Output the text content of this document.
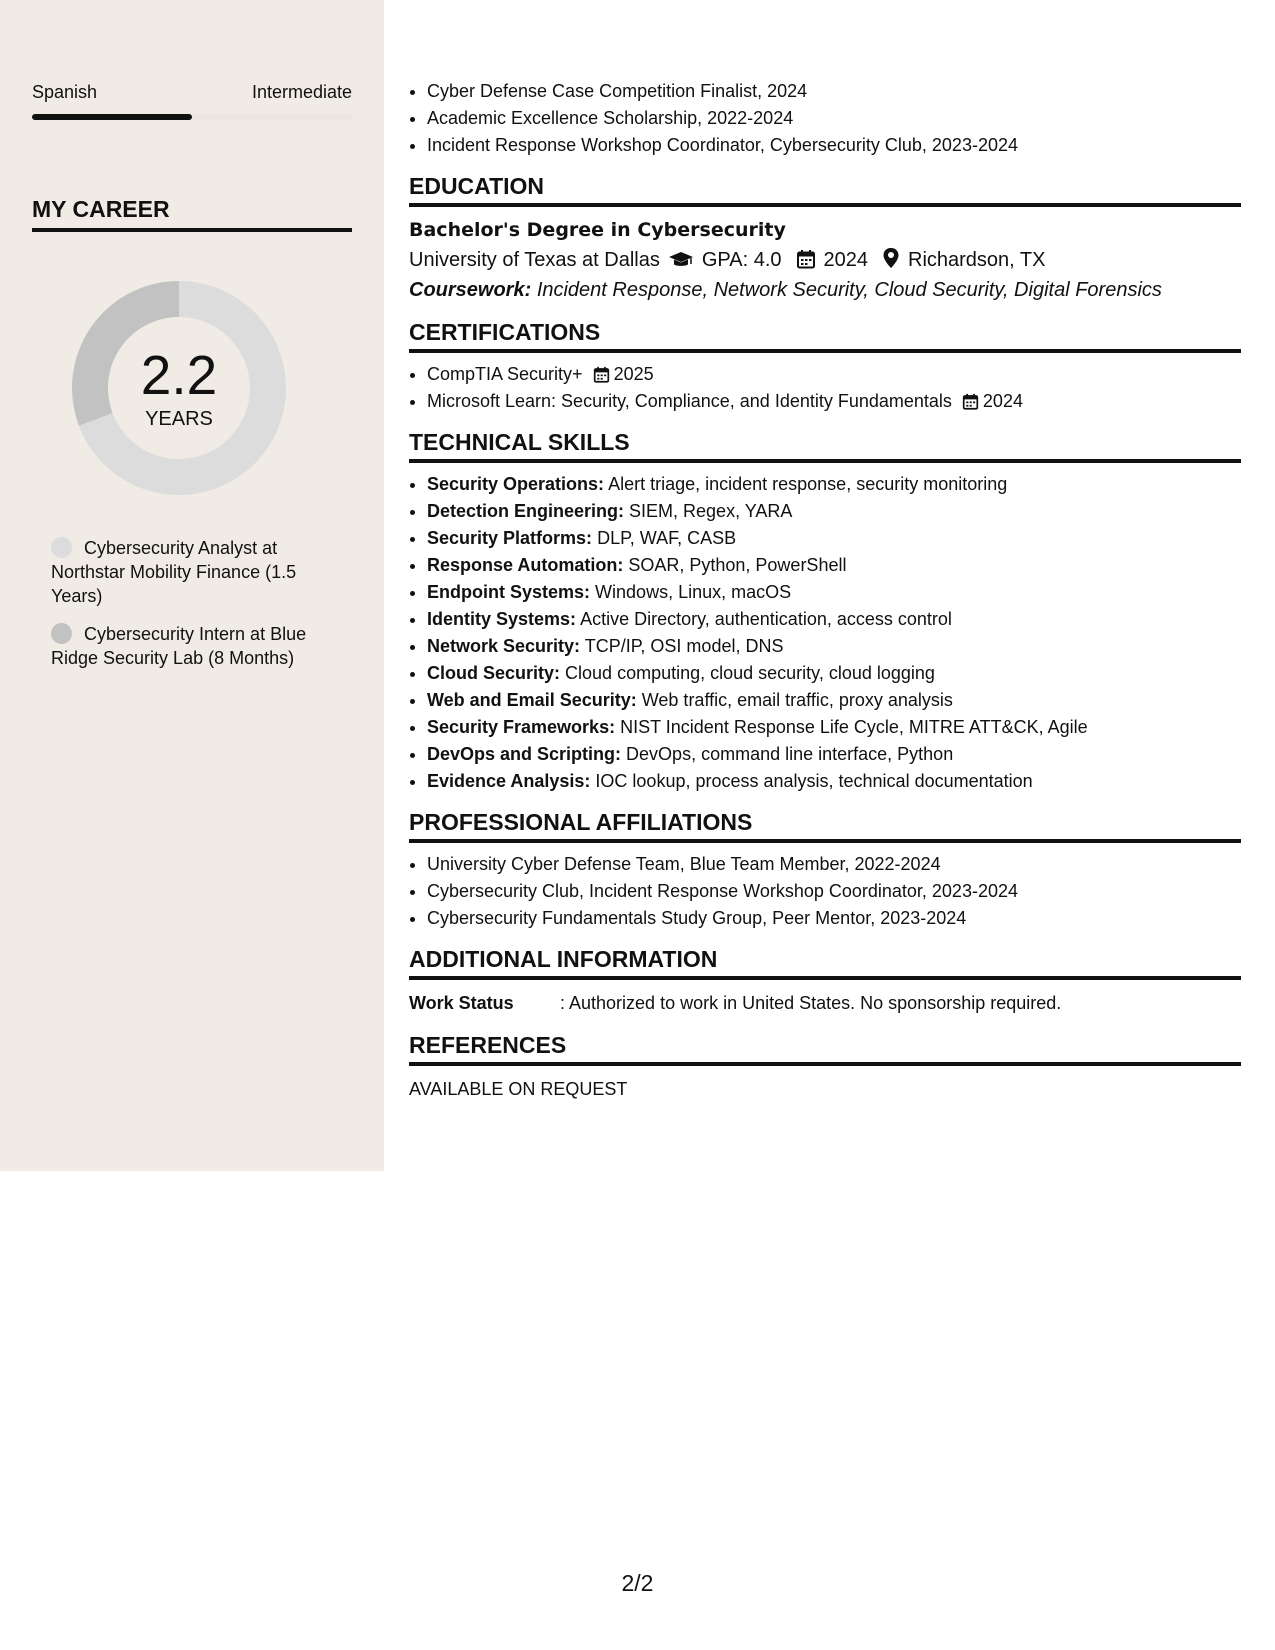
Spanish	Intermediate
MY CAREER
2.2
YEARS
Cybersecurity Analyst at Northstar Mobility Finance (1.5 Years)
Cybersecurity Intern at Blue Ridge Security Lab (8 Months)
• Cyber Defense Case Competition Finalist, 2024
• Academic Excellence Scholarship, 2022-2024
• Incident Response Workshop Coordinator, Cybersecurity Club, 2023-2024
EDUCATION
Bachelor's Degree in Cybersecurity
University of Texas at Dallas GPA: 4.0 2024 Richardson, TX
Coursework: Incident Response, Network Security, Cloud Security, Digital Forensics
CERTIFICATIONS
• CompTIA Security+ 2025
• Microsoft Learn: Security, Compliance, and Identity Fundamentals 2024
TECHNICAL SKILLS
• Security Operations: Alert triage, incident response, security monitoring
• Detection Engineering: SIEM, Regex, YARA
• Security Platforms: DLP, WAF, CASB
• Response Automation: SOAR, Python, PowerShell
• Endpoint Systems: Windows, Linux, macOS
• Identity Systems: Active Directory, authentication, access control
• Network Security: TCP/IP, OSI model, DNS
• Cloud Security: Cloud computing, cloud security, cloud logging
• Web and Email Security: Web traffic, email traffic, proxy analysis
• Security Frameworks: NIST Incident Response Life Cycle, MITRE ATT&CK, Agile
• DevOps and Scripting: DevOps, command line interface, Python
• Evidence Analysis: IOC lookup, process analysis, technical documentation
PROFESSIONAL AFFILIATIONS
• University Cyber Defense Team, Blue Team Member, 2022-2024
• Cybersecurity Club, Incident Response Workshop Coordinator, 2023-2024
• Cybersecurity Fundamentals Study Group, Peer Mentor, 2023-2024
ADDITIONAL INFORMATION
Work Status	: Authorized to work in United States. No sponsorship required.
REFERENCES
AVAILABLE ON REQUEST
2/2
